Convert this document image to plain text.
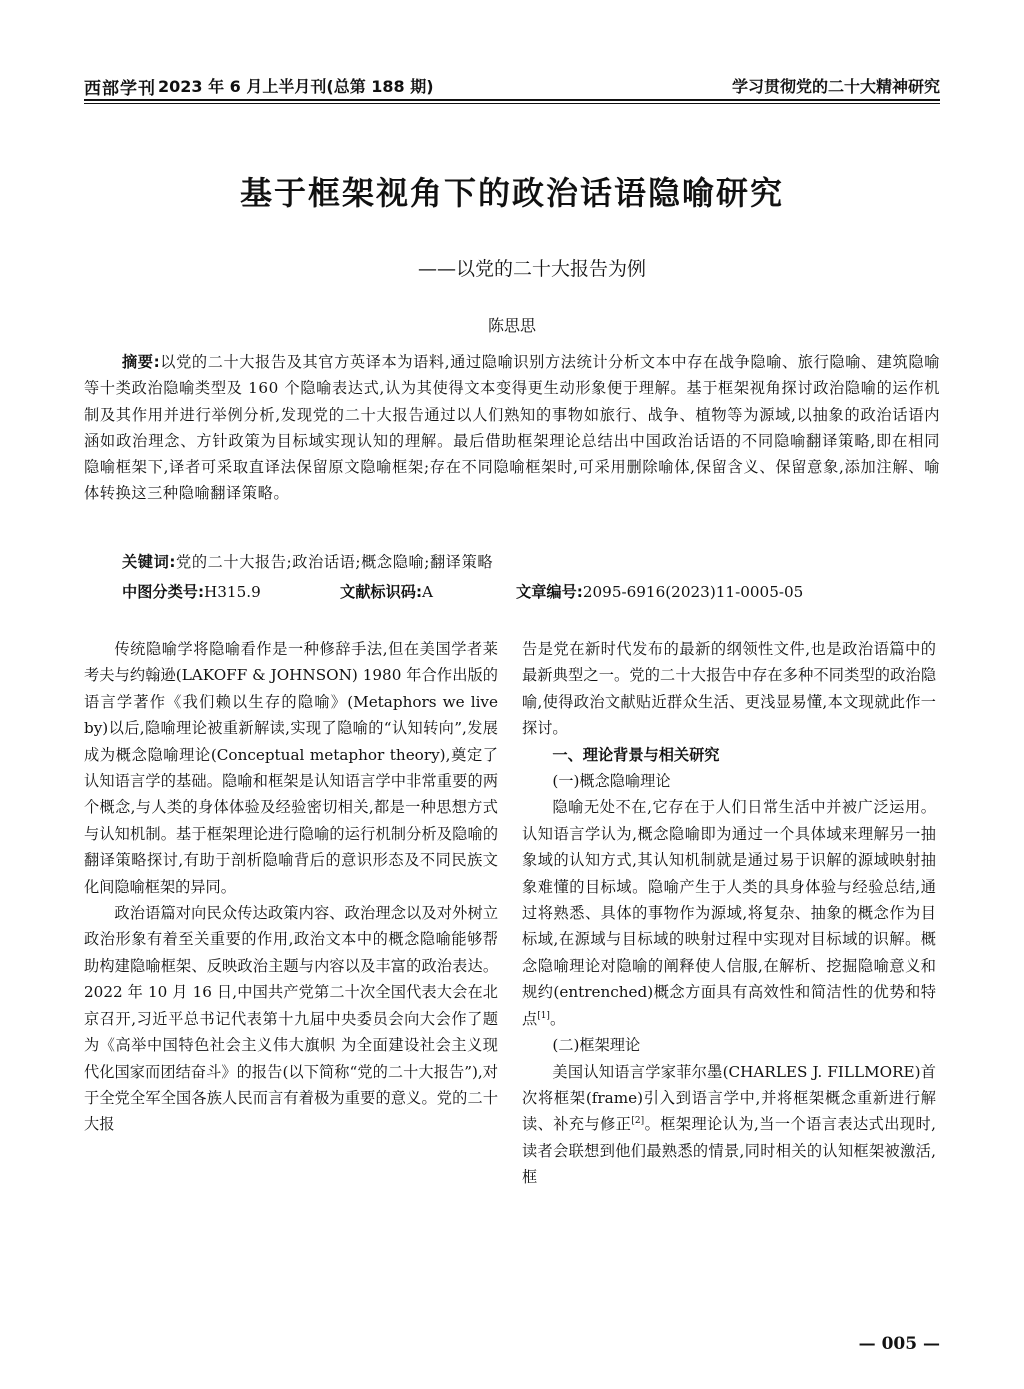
西部学刊 2023 年 6 月上半月刊(总第 188 期)	学习贯彻党的二十大精神研究
基于框架视角下的政治话语隐喻研究
——以党的二十大报告为例
陈思思
摘要:以党的二十大报告及其官方英译本为语料,通过隐喻识别方法统计分析文本中存在战争隐喻、旅行隐喻、建筑隐喻等十类政治隐喻类型及 160 个隐喻表达式,认为其使得文本变得更生动形象便于理解。基于框架视角探讨政治隐喻的运作机制及其作用并进行举例分析,发现党的二十大报告通过以人们熟知的事物如旅行、战争、植物等为源域,以抽象的政治话语内涵如政治理念、方针政策为目标域实现认知的理解。最后借助框架理论总结出中国政治话语的不同隐喻翻译策略,即在相同隐喻框架下,译者可采取直译法保留原文隐喻框架;存在不同隐喻框架时,可采用删除喻体,保留含义、保留意象,添加注解、喻体转换这三种隐喻翻译策略。
关键词:党的二十大报告;政治话语;概念隐喻;翻译策略
中图分类号:H315.9	文献标识码:A	文章编号:2095-6916(2023)11-0005-05

传统隐喻学将隐喻看作是一种修辞手法,但在美国学者莱考夫与约翰逊(LAKOFF & JOHNSON) 1980 年合作出版的语言学著作《我们赖以生存的隐喻》(Metaphors we live by)以后,隐喻理论被重新解读,实现了隐喻的“认知转向”,发展成为概念隐喻理论(Conceptual metaphor theory),奠定了认知语言学的基础。隐喻和框架是认知语言学中非常重要的两个概念,与人类的身体体验及经验密切相关,都是一种思想方式与认知机制。基于框架理论进行隐喻的运行机制分析及隐喻的翻译策略探讨,有助于剖析隐喻背后的意识形态及不同民族文化间隐喻框架的异同。

政治语篇对向民众传达政策内容、政治理念以及对外树立政治形象有着至关重要的作用,政治文本中的概念隐喻能够帮助构建隐喻框架、反映政治主题与内容以及丰富的政治表达。2022 年 10 月 16 日,中国共产党第二十次全国代表大会在北京召开,习近平总书记代表第十九届中央委员会向大会作了题为《高举中国特色社会主义伟大旗帜 为全面建设社会主义现代化国家而团结奋斗》的报告(以下简称“党的二十大报告”),对于全党全军全国各族人民而言有着极为重要的意义。党的二十大报

告是党在新时代发布的最新的纲领性文件,也是政治语篇中的最新典型之一。党的二十大报告中存在多种不同类型的政治隐喻,使得政治文献贴近群众生活、更浅显易懂,本文现就此作一探讨。

一、理论背景与相关研究
(一)概念隐喻理论

隐喻无处不在,它存在于人们日常生活中并被广泛运用。认知语言学认为,概念隐喻即为通过一个具体域来理解另一抽象域的认知方式,其认知机制就是通过易于识解的源域映射抽象难懂的目标域。隐喻产生于人类的具身体验与经验总结,通过将熟悉、具体的事物作为源域,将复杂、抽象的概念作为目标域,在源域与目标域的映射过程中实现对目标域的识解。概念隐喻理论对隐喻的阐释使人信服,在解析、挖掘隐喻意义和规约(entrenched)概念方面具有高效性和简洁性的优势和特点[1]。

(二)框架理论

美国认知语言学家菲尔墨(CHARLES J. FILLMORE)首次将框架(frame)引入到语言学中,并将框架概念重新进行解读、补充与修正[2]。框架理论认为,当一个语言表达式出现时,读者会联想到他们最熟悉的情景,同时相关的认知框架被激活,框

— 005 —
